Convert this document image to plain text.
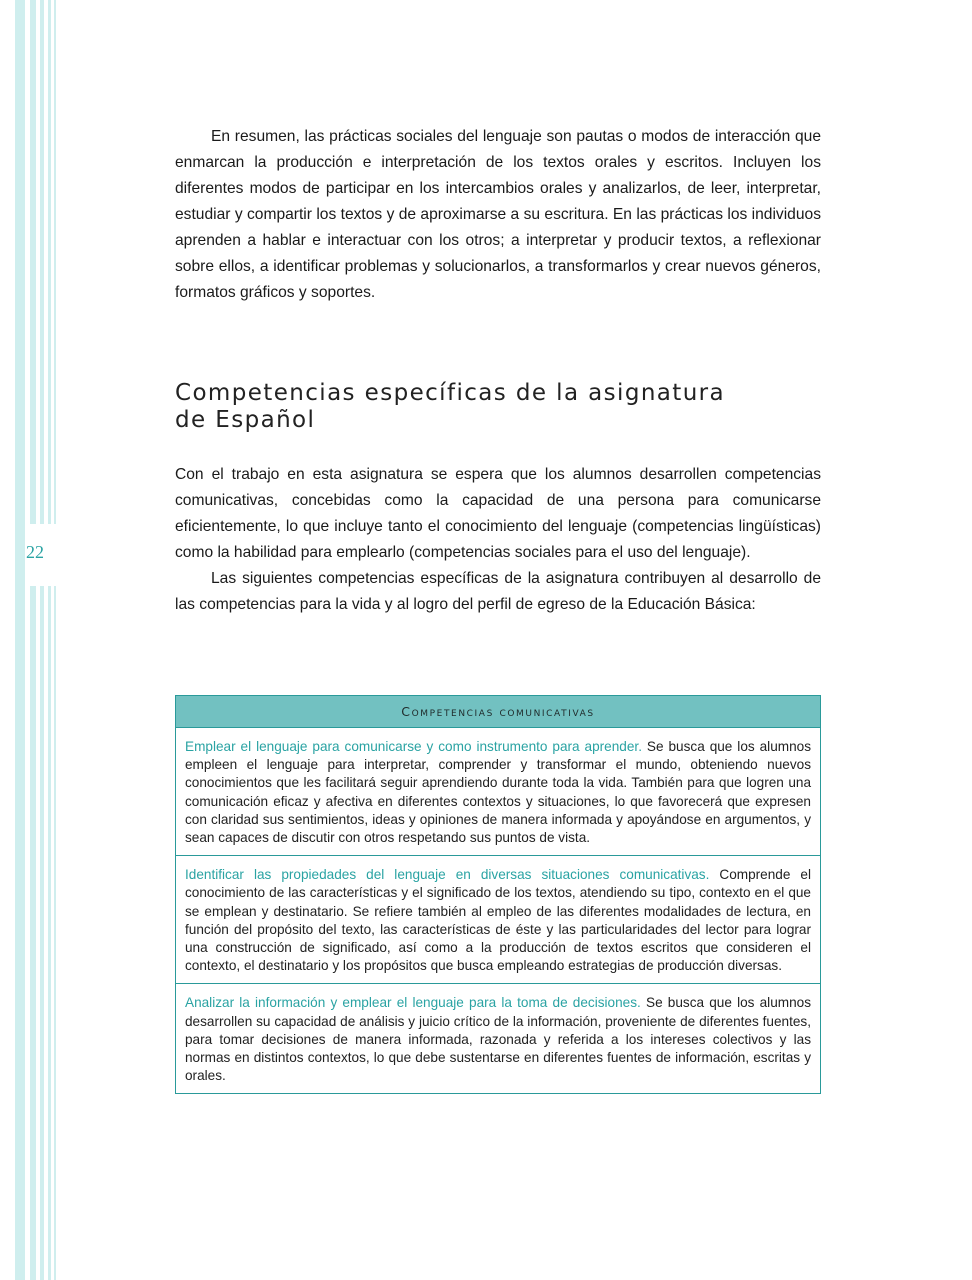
22

En resumen, las prácticas sociales del lenguaje son pautas o modos de interacción que enmarcan la producción e interpretación de los textos orales y escritos. Incluyen los diferentes modos de participar en los intercambios orales y analizarlos, de leer, interpretar, estudiar y compartir los textos y de aproximarse a su escritura. En las prácticas los individuos aprenden a hablar e interactuar con los otros; a interpretar y producir textos, a reflexionar sobre ellos, a identificar problemas y solucionarlos, a transformarlos y crear nuevos géneros, formatos gráficos y soportes.

Competencias específicas de la asignatura
de Español

Con el trabajo en esta asignatura se espera que los alumnos desarrollen competencias comunicativas, concebidas como la capacidad de una persona para comunicarse eficientemente, lo que incluye tanto el conocimiento del lenguaje (competencias lingüísticas) como la habilidad para emplearlo (competencias sociales para el uso del lenguaje).

Las siguientes competencias específicas de la asignatura contribuyen al desarrollo de las competencias para la vida y al logro del perfil de egreso de la Educación Básica:

Competencias comunicativas
Emplear el lenguaje para comunicarse y como instrumento para aprender. Se busca que los alumnos empleen el lenguaje para interpretar, comprender y transformar el mundo, obteniendo nuevos conocimientos que les facilitará seguir aprendiendo durante toda la vida. También para que logren una comunicación eficaz y afectiva en diferentes contextos y situaciones, lo que favorecerá que expresen con claridad sus sentimientos, ideas y opiniones de manera informada y apoyándose en argumentos, y sean capaces de discutir con otros respetando sus puntos de vista.
Identificar las propiedades del lenguaje en diversas situaciones comunicativas. Comprende el conocimiento de las características y el significado de los textos, atendiendo su tipo, contexto en el que se emplean y destinatario. Se refiere también al empleo de las diferentes modalidades de lectura, en función del propósito del texto, las características de éste y las particularidades del lector para lograr una construcción de significado, así como a la producción de textos escritos que consideren el contexto, el destinatario y los propósitos que busca empleando estrategias de producción diversas.
Analizar la información y emplear el lenguaje para la toma de decisiones. Se busca que los alumnos desarrollen su capacidad de análisis y juicio crítico de la información, proveniente de diferentes fuentes, para tomar decisiones de manera informada, razonada y referida a los intereses colectivos y las normas en distintos contextos, lo que debe sustentarse en diferentes fuentes de información, escritas y orales.
